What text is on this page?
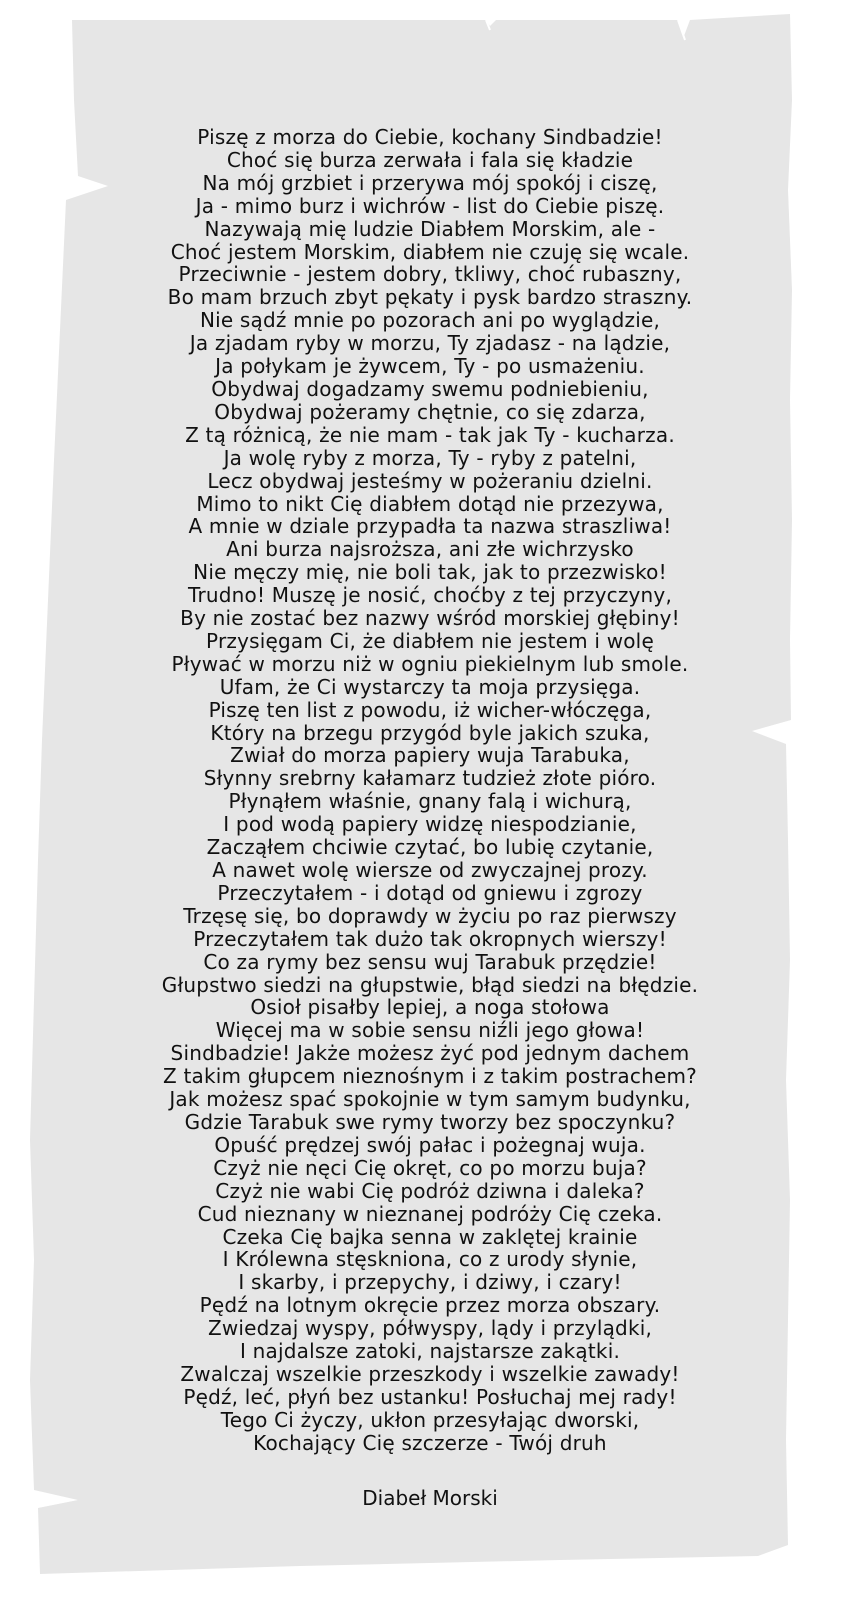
Piszę z morza do Ciebie, kochany Sindbadzie!
Choć się burza zerwała i fala się kładzie
Na mój grzbiet i przerywa mój spokój i ciszę,
Ja - mimo burz i wichrów - list do Ciebie piszę.
Nazywają mię ludzie Diabłem Morskim, ale -
Choć jestem Morskim, diabłem nie czuję się wcale.
Przeciwnie - jestem dobry, tkliwy, choć rubaszny,
Bo mam brzuch zbyt pękaty i pysk bardzo straszny.
Nie sądź mnie po pozorach ani po wyglądzie,
Ja zjadam ryby w morzu, Ty zjadasz - na lądzie,
Ja połykam je żywcem, Ty - po usmażeniu.
Obydwaj dogadzamy swemu podniebieniu,
Obydwaj pożeramy chętnie, co się zdarza,
Z tą różnicą, że nie mam - tak jak Ty - kucharza.
Ja wolę ryby z morza, Ty - ryby z patelni,
Lecz obydwaj jesteśmy w pożeraniu dzielni.
Mimo to nikt Cię diabłem dotąd nie przezywa,
A mnie w dziale przypadła ta nazwa straszliwa!
Ani burza najsroższa, ani złe wichrzysko
Nie męczy mię, nie boli tak, jak to przezwisko!
Trudno! Muszę je nosić, choćby z tej przyczyny,
By nie zostać bez nazwy wśród morskiej głębiny!
Przysięgam Ci, że diabłem nie jestem i wolę
Pływać w morzu niż w ogniu piekielnym lub smole.
Ufam, że Ci wystarczy ta moja przysięga.
Piszę ten list z powodu, iż wicher-włóczęga,
Który na brzegu przygód byle jakich szuka,
Zwiał do morza papiery wuja Tarabuka,
Słynny srebrny kałamarz tudzież złote pióro.
Płynąłem właśnie, gnany falą i wichurą,
I pod wodą papiery widzę niespodzianie,
Zacząłem chciwie czytać, bo lubię czytanie,
A nawet wolę wiersze od zwyczajnej prozy.
Przeczytałem - i dotąd od gniewu i zgrozy
Trzęsę się, bo doprawdy w życiu po raz pierwszy
Przeczytałem tak dużo tak okropnych wierszy!
Co za rymy bez sensu wuj Tarabuk przędzie!
Głupstwo siedzi na głupstwie, błąd siedzi na błędzie.
Osioł pisałby lepiej, a noga stołowa
Więcej ma w sobie sensu niźli jego głowa!
Sindbadzie! Jakże możesz żyć pod jednym dachem
Z takim głupcem nieznośnym i z takim postrachem?
Jak możesz spać spokojnie w tym samym budynku,
Gdzie Tarabuk swe rymy tworzy bez spoczynku?
Opuść prędzej swój pałac i pożegnaj wuja.
Czyż nie nęci Cię okręt, co po morzu buja?
Czyż nie wabi Cię podróż dziwna i daleka?
Cud nieznany w nieznanej podróży Cię czeka.
Czeka Cię bajka senna w zaklętej krainie
I Królewna stęskniona, co z urody słynie,
I skarby, i przepychy, i dziwy, i czary!
Pędź na lotnym okręcie przez morza obszary.
Zwiedzaj wyspy, półwyspy, lądy i przylądki,
I najdalsze zatoki, najstarsze zakątki.
Zwalczaj wszelkie przeszkody i wszelkie zawady!
Pędź, leć, płyń bez ustanku! Posłuchaj mej rady!
Tego Ci życzy, ukłon przesyłając dworski,
Kochający Cię szczerze - Twój druh
Diabeł Morski
